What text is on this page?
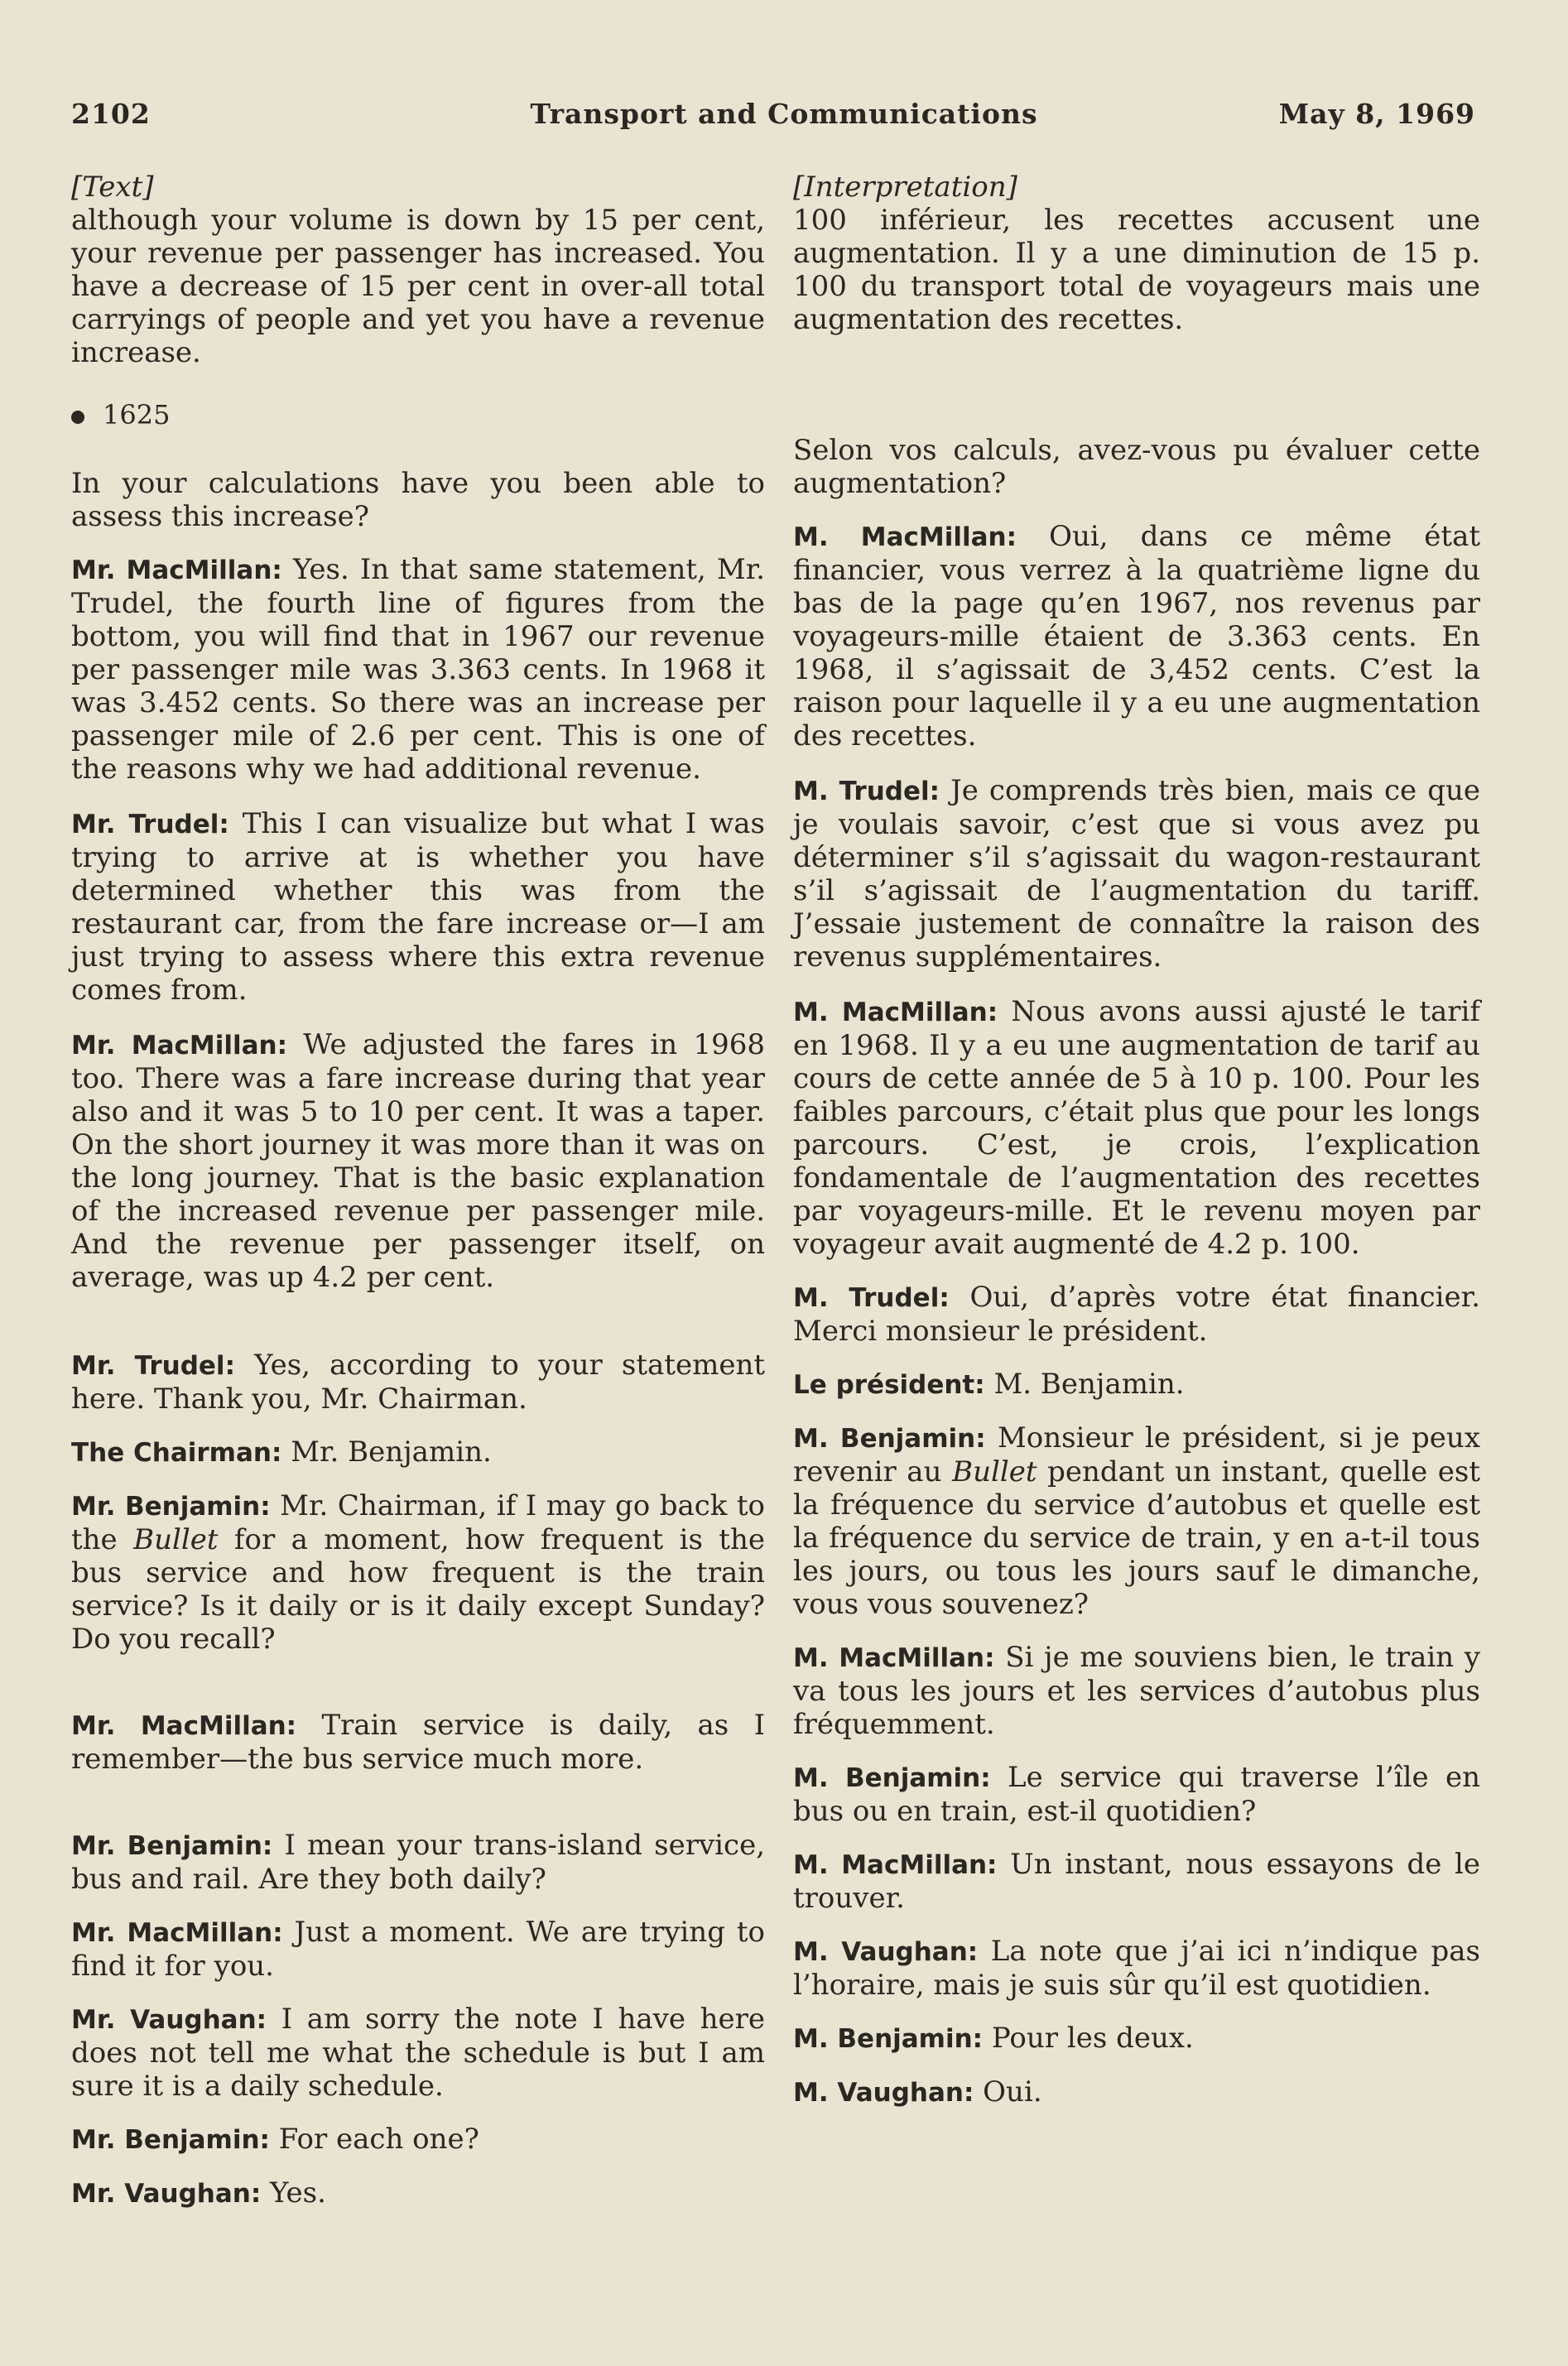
2102	Transport and Communications	May 8, 1969

[Text]

although your volume is down by 15 per cent, your revenue per passenger has increased. You have a decrease of 15 per cent in over-all total carryings of people and yet you have a revenue increase.

In your calculations have you been able to assess this increase?

Mr. MacMillan: Yes. In that same statement, Mr. Trudel, the fourth line of figures from the bottom, you will find that in 1967 our revenue per passenger mile was 3.363 cents. In 1968 it was 3.452 cents. So there was an increase per passenger mile of 2.6 per cent. This is one of the reasons why we had additional revenue.

Mr. Trudel: This I can visualize but what I was trying to arrive at is whether you have determined whether this was from the restaurant car, from the fare increase or—I am just trying to assess where this extra revenue comes from.

Mr. MacMillan: We adjusted the fares in 1968 too. There was a fare increase during that year also and it was 5 to 10 per cent. It was a taper. On the short journey it was more than it was on the long journey. That is the basic explanation of the increased revenue per passenger mile. And the revenue per passenger itself, on average, was up 4.2 per cent.

Mr. Trudel: Yes, according to your statement here. Thank you, Mr. Chairman.

The Chairman: Mr. Benjamin.

Mr. Benjamin: Mr. Chairman, if I may go back to the Bullet for a moment, how frequent is the bus service and how frequent is the train service? Is it daily or is it daily except Sunday? Do you recall?

Mr. MacMillan: Train service is daily, as I remember—the bus service much more.

Mr. Benjamin: I mean your trans-island service, bus and rail. Are they both daily?

Mr. MacMillan: Just a moment. We are trying to find it for you.

Mr. Vaughan: I am sorry the note I have here does not tell me what the schedule is but I am sure it is a daily schedule.

Mr. Benjamin: For each one?

Mr. Vaughan: Yes.

1625

[Interpretation]

100 inférieur, les recettes accusent une augmentation. Il y a une diminution de 15 p. 100 du transport total de voyageurs mais une augmentation des recettes.

Selon vos calculs, avez-vous pu évaluer cette augmentation?

M. MacMillan: Oui, dans ce même état financier, vous verrez à la quatrième ligne du bas de la page qu’en 1967, nos revenus par voyageurs-mille étaient de 3.363 cents. En 1968, il s’agissait de 3,452 cents. C’est la raison pour laquelle il y a eu une augmentation des recettes.

M. Trudel: Je comprends très bien, mais ce que je voulais savoir, c’est que si vous avez pu déterminer s’il s’agissait du wagon-restaurant s’il s’agissait de l’augmentation du tariff. J’essaie justement de connaître la raison des revenus supplémentaires.

M. MacMillan: Nous avons aussi ajusté le tarif en 1968. Il y a eu une augmentation de tarif au cours de cette année de 5 à 10 p. 100. Pour les faibles parcours, c’était plus que pour les longs parcours. C’est, je crois, l’explication fondamentale de l’augmentation des recettes par voyageurs-mille. Et le revenu moyen par voyageur avait augmenté de 4.2 p. 100.

M. Trudel: Oui, d’après votre état financier. Merci monsieur le président.

Le président: M. Benjamin.

M. Benjamin: Monsieur le président, si je peux revenir au Bullet pendant un instant, quelle est la fréquence du service d’autobus et quelle est la fréquence du service de train, y en a-t-il tous les jours, ou tous les jours sauf le dimanche, vous vous souvenez?

M. MacMillan: Si je me souviens bien, le train y va tous les jours et les services d’autobus plus fréquemment.

M. Benjamin: Le service qui traverse l’île en bus ou en train, est-il quotidien?

M. MacMillan: Un instant, nous essayons de le trouver.

M. Vaughan: La note que j’ai ici n’indique pas l’horaire, mais je suis sûr qu’il est quotidien.

M. Benjamin: Pour les deux.

M. Vaughan: Oui.
